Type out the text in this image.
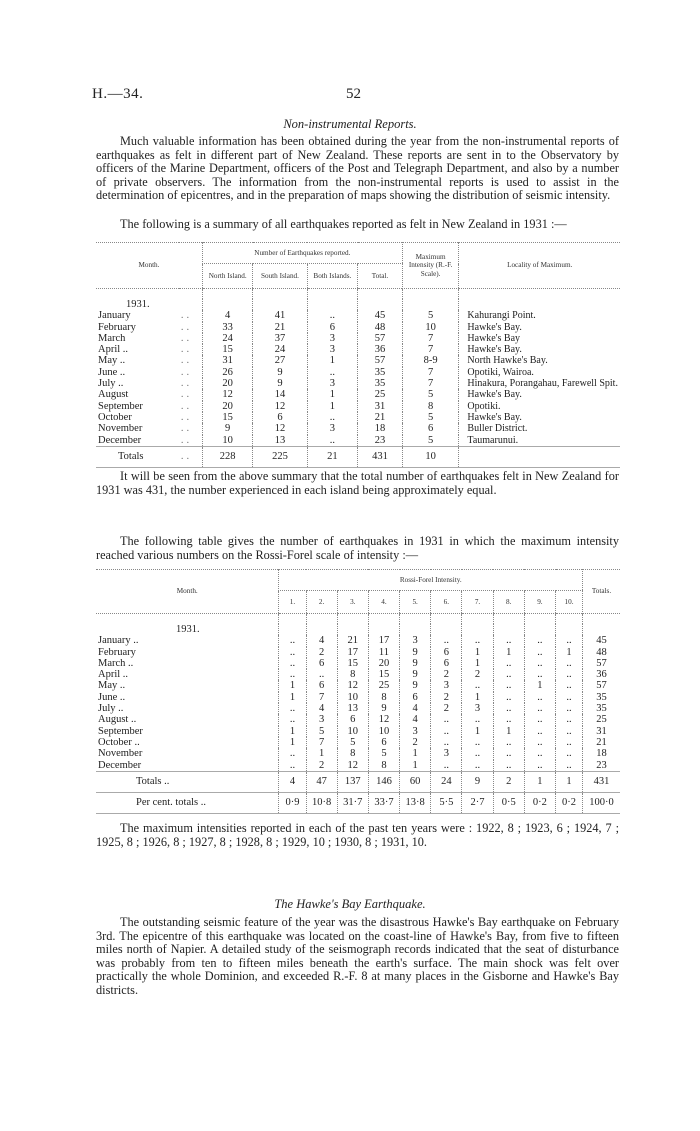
H.—34.	52
Non-instrumental Reports.

Much valuable information has been obtained during the year from the non-instrumental reports of earthquakes as felt in different part of New Zealand. These reports are sent in to the Observatory by officers of the Marine Department, officers of the Post and Telegraph Department, and also by a number of private observers. The information from the non-instrumental reports is used to assist in the determination of epicentres, and in the preparation of maps showing the distribution of seismic intensity.

The following is a summary of all earthquakes reported as felt in New Zealand in 1931 :—

Month.		Number of Earthquakes reported.				Maximum Intensity (R.-F. Scale).	Locality of Maximum.
		North Island.	South Island.	Both Islands.	Total.		

1931.							
January	..	4	41	..	45	5	Kahurangi Point.
February	..	33	21	6	48	10	Hawke's Bay.
March	..	24	37	3	57	7	Hawke's Bay
April ..	..	15	24	3	36	7	Hawke's Bay.
May ..	..	31	27	1	57	8-9	North Hawke's Bay.
June ..	..	26	9	..	35	7	Opotiki, Wairoa.
July ..	..	20	9	3	35	7	Hinakura, Porangahau, Farewell Spit.
August	..	12	14	1	25	5	Hawke's Bay.
September	..	20	12	1	31	8	Opotiki.
October	..	15	6	..	21	5	Hawke's Bay.
November	..	9	12	3	18	6	Buller District.
December	..	10	13	..	23	5	Taumarunui.
Totals	..	228	225	21	431	10	

It will be seen from the above summary that the total number of earthquakes felt in New Zealand for 1931 was 431, the number experienced in each island being approximately equal.

The following table gives the number of earthquakes in 1931 in which the maximum intensity reached various numbers on the Rossi-Forel scale of intensity :—

Month.	Rossi-Forel Intensity.										Totals.
	1.	2.	3.	4.	5.	6.	7.	8.	9.	10.	

1931.											
January ..	..	4	21	17	3	..	..	..	..	..	45
February	..	2	17	11	9	6	1	1	..	1	48
March ..	..	6	15	20	9	6	1	..	..	..	57
April ..	..	..	8	15	9	2	2	..	..	..	36
May ..	1	6	12	25	9	3	..	..	1	..	57
June ..	1	7	10	8	6	2	1	..	..	..	35
July ..	..	4	13	9	4	2	3	..	..	..	35
August ..	..	3	6	12	4	..	..	..	..	..	25
September	1	5	10	10	3	..	1	1	..	..	31
October ..	1	7	5	6	2	..	..	..	..	..	21
November	..	1	8	5	1	3	..	..	..	..	18
December	..	2	12	8	1	..	..	..	..	..	23
Totals ..	4	47	137	146	60	24	9	2	1	1	431
Per cent. totals ..	0·9	10·8	31·7	33·7	13·8	5·5	2·7	0·5	0·2	0·2	100·0

The maximum intensities reported in each of the past ten years were : 1922, 8 ; 1923, 6 ; 1924, 7 ; 1925, 8 ; 1926, 8 ; 1927, 8 ; 1928, 8 ; 1929, 10 ; 1930, 8 ; 1931, 10.

The Hawke's Bay Earthquake.

The outstanding seismic feature of the year was the disastrous Hawke's Bay earthquake on February 3rd. The epicentre of this earthquake was located on the coast-line of Hawke's Bay, from five to fifteen miles north of Napier. A detailed study of the seismograph records indicated that the seat of disturbance was probably from ten to fifteen miles beneath the earth's surface. The main shock was felt over practically the whole Dominion, and exceeded R.-F. 8 at many places in the Gisborne and Hawke's Bay districts.
